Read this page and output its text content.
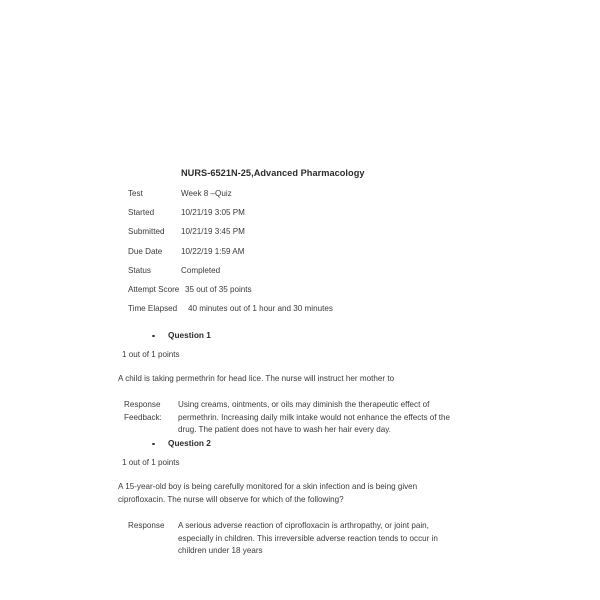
NURS-6521N-25,Advanced Pharmacology
Test	Week 8 –Quiz
Started	10/21/19 3:05 PM
Submitted 10/21/19 3:45 PM
Due Date 10/22/19 1:59 AM
Status	Completed
Attempt Score 35 out of 35 points
Time Elapsed 40 minutes out of 1 hour and 30 minutes
Question 1
1 out of 1 points
A child is taking permethrin for head lice. The nurse will instruct her mother to
Response
Feedback:
Using creams, ointments, or oils may diminish the therapeutic effect of permethrin. Increasing daily milk intake would not enhance the effects of the drug. The patient does not have to wash her hair every day.
Question 2
1 out of 1 points
A 15-year-old boy is being carefully monitored for a skin infection and is being given ciprofloxacin. The nurse will observe for which of the following?
Response	A serious adverse reaction of ciprofloxacin is arthropathy, or joint pain, especially in children. This irreversible adverse reaction tends to occur in children under 18 years
